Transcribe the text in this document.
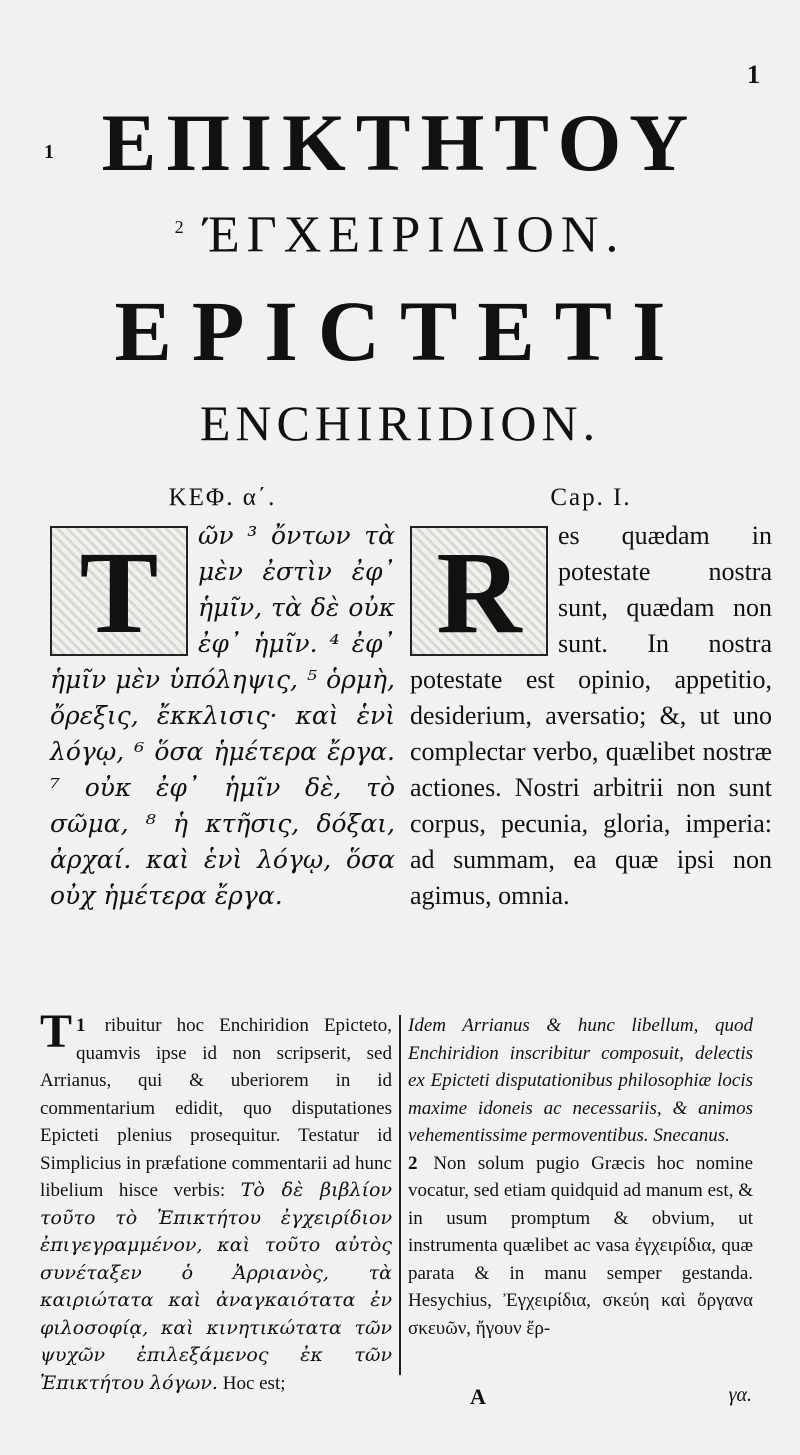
1
1 ΕΠΙΚΤΗΤΟΥ
$^2$ ΈΓΧΕΙΡΙΔΙΟΝ.
EPICTETI
ENCHIRIDION.
ΚΕΦ. α΄.
T	ῶν ³ ὄντων τὰ μὲν ἐστὶν ἐφ᾽ ἡμῖν, τὰ δὲ οὐκ ἐφ᾽ ἡμῖν. ⁴ ἐφ᾽ ἡμῖν μὲν ὑπόληψις, ⁵ ὁρμὴ, ὄρεξις, ἔκκλισις· καὶ ἑνὶ λόγῳ, ⁶ ὅσα ἡμέτερα ἔργα. ⁷ οὐκ ἐφ᾽ ἡμῖν δὲ, τὸ σῶμα, ⁸ ἡ κτῆσις, δόξαι, ἀρχαί. καὶ ἑνὶ λόγῳ, ὅσα οὐχ ἡμέτερα ἔργα.

Cap. I.
R	es quædam in potestate nostra sunt, quædam non sunt. In nostra potestate est opinio, appetitio, desiderium, aversatio; &, ut uno complectar verbo, quælibet nostræ actiones. Nostri arbitrii non sunt corpus, pecunia, gloria, imperia: ad summam, ea quæ ipsi non agimus, omnia.

1
T ribuitur hoc Enchiridion Epicteto, quamvis ipse id non scripserit, sed Arrianus, qui & uberiorem in id commentarium edidit, quo disputationes Epicteti plenius prosequitur. Testatur id Simplicius in præfatione commentarii ad hunc libelium hisce verbis: Τὸ δὲ βιβλίον τοῦτο τὸ Ἐπικτήτου ἐγχειρίδιον ἐπιγεγραμμένον, καὶ τοῦτο αὐτὸς συνέταξεν ὁ Ἀρριανὸς, τὰ καιριώτατα καὶ ἀναγκαιότατα ἐν φιλοσοφίᾳ, καὶ κινητικώτατα τῶν ψυχῶν ἐπιλεξάμενος ἐκ τῶν Ἐπικτήτου λόγων. Hoc est;

Idem Arrianus & hunc libellum, quod Enchiridion inscribitur composuit, delectis ex Epicteti disputationibus philosophiæ locis maxime idoneis ac necessariis, & animos vehementissime permoventibus. Snecanus.

2 Non solum pugio Græcis hoc nomine vocatur, sed etiam quidquid ad manum est, & in usum promptum & obvium, ut instrumenta quælibet ac vasa ἐγχειρίδια, quæ parata & in manu semper gestanda. Hesychius, Ἐγχειρίδια, σκεύη καὶ ὄργανα σκευῶν, ἤγουν ἔρ-

A	γα.
